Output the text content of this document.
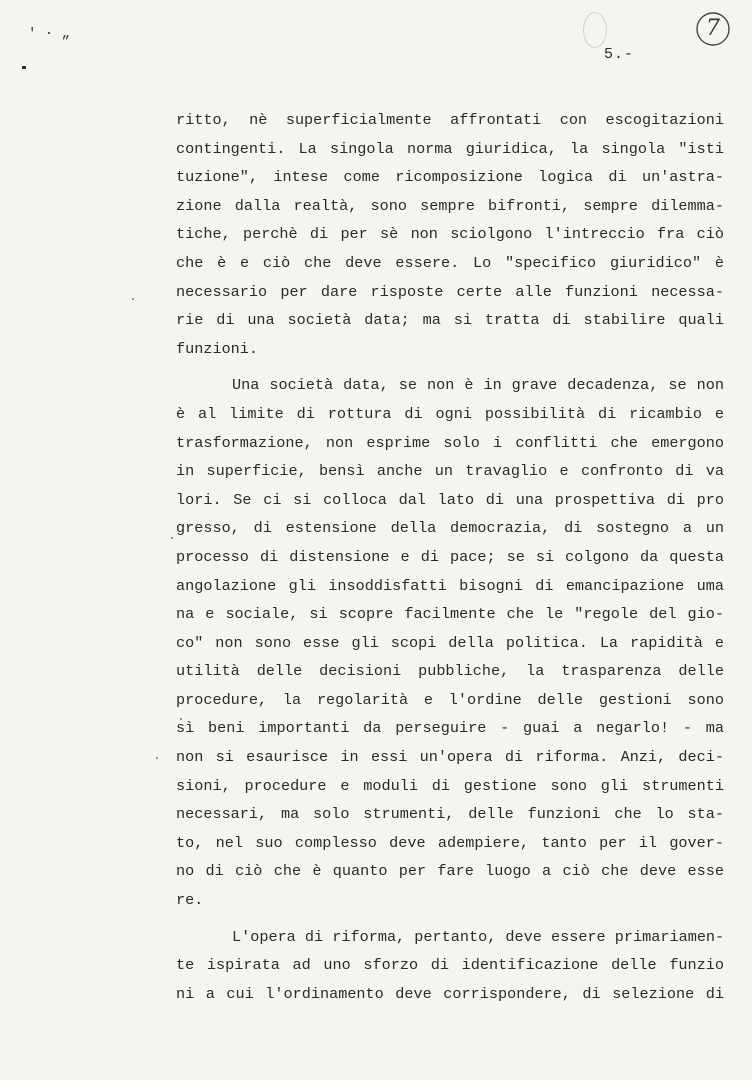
' · „	7
5.-
ritto, nè superficialmente affrontati con escogitazioni
contingenti. La singola norma giuridica, la singola "isti
tuzione", intese come ricomposizione logica di un'astra-
zione dalla realtà, sono sempre bifronti, sempre dilemma-
tiche, perchè di per sè non sciolgono l'intreccio fra ciò
che è e ciò che deve essere. Lo "specifico giuridico" è
necessario per dare risposte certe alle funzioni necessa-
rie di una società data; ma si tratta di stabilire quali
funzioni.
Una società data, se non è in grave decadenza, se non
è al limite di rottura di ogni possibilità di ricambio e
trasformazione, non esprime solo i conflitti che emergono
in superficie, bensì anche un travaglio e confronto di va
lori. Se ci si colloca dal lato di una prospettiva di pro
gresso, di estensione della democrazia, di sostegno a un
processo di distensione e di pace; se si colgono da questa
angolazione gli insoddisfatti bisogni di emancipazione uma
na e sociale, si scopre facilmente che le "regole del gio-
co" non sono esse gli scopi della politica. La rapidità e
utilità delle decisioni pubbliche, la trasparenza delle
procedure, la regolarità e l'ordine delle gestioni sono
sì beni importanti da perseguire - guai a negarlo! - ma
non si esaurisce in essi un'opera di riforma. Anzi, deci-
sioni, procedure e moduli di gestione sono gli strumenti
necessari, ma solo strumenti, delle funzioni che lo sta-
to, nel suo complesso deve adempiere, tanto per il gover-
no di ciò che è quanto per fare luogo a ciò che deve esse
re.
L'opera di riforma, pertanto, deve essere primariamen-
te ispirata ad uno sforzo di identificazione delle funzio
ni a cui l'ordinamento deve corrispondere, di selezione di
